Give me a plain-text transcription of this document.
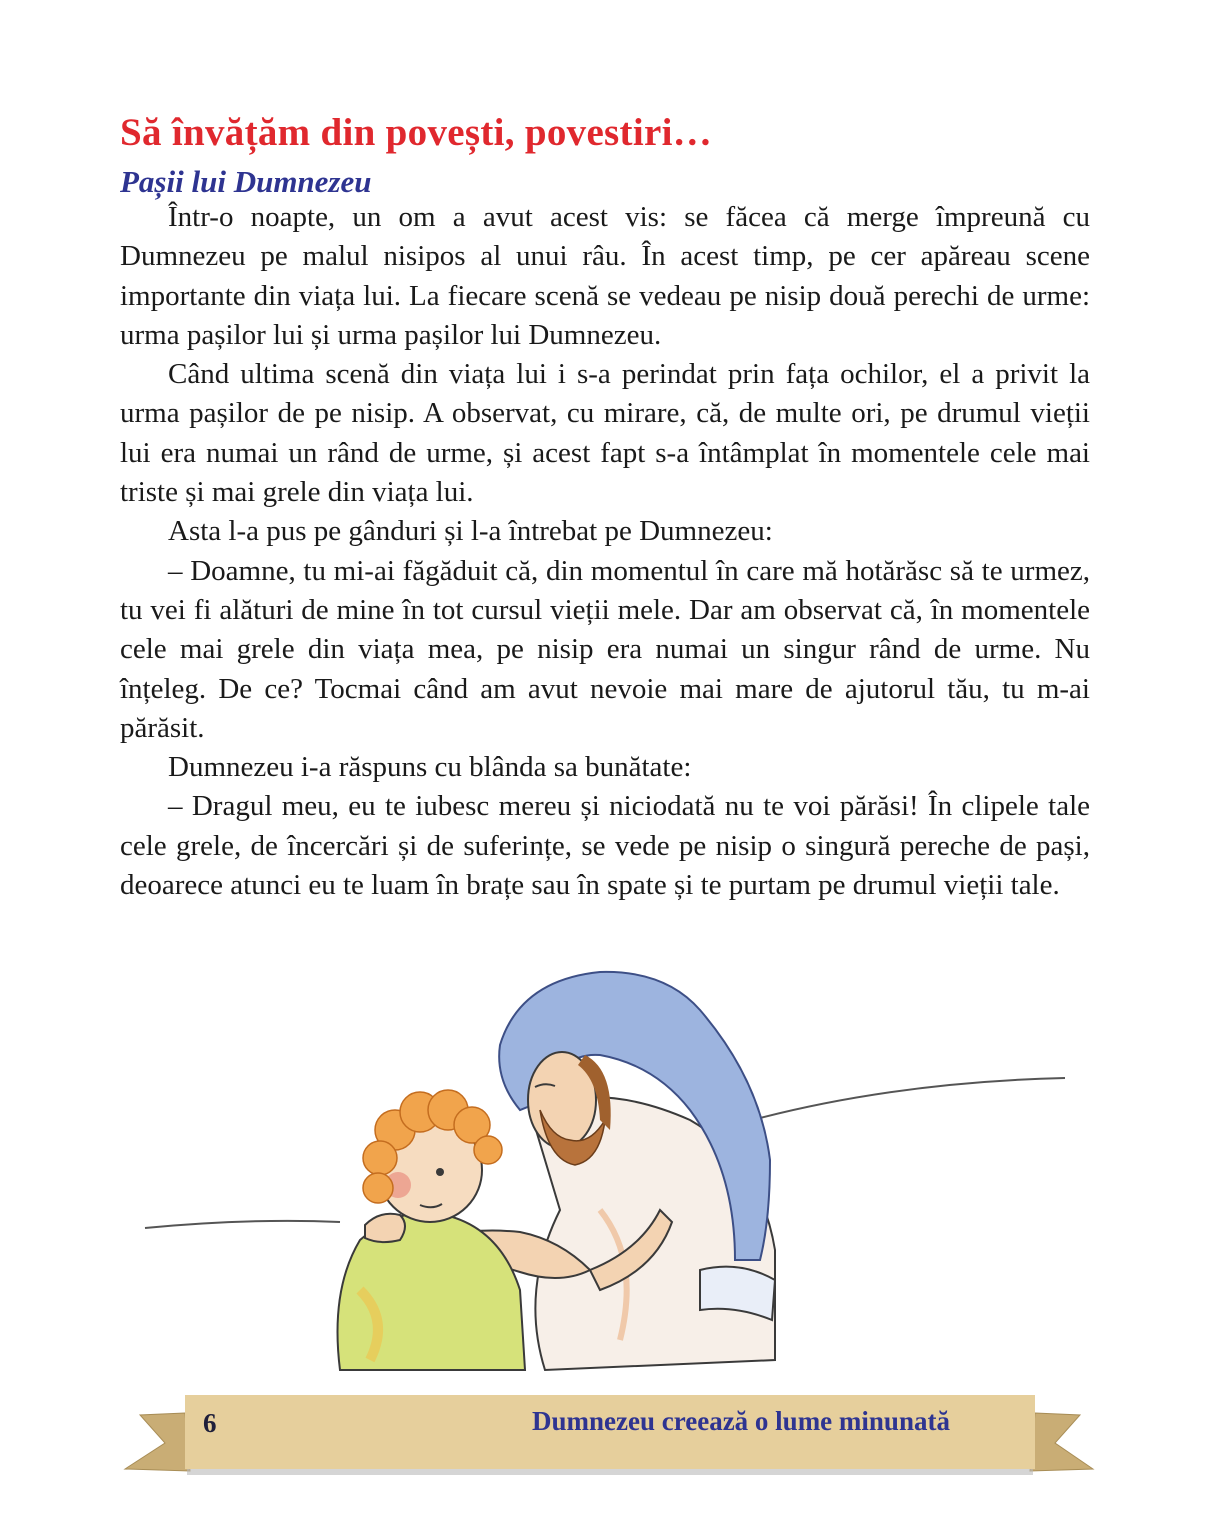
Să învățăm din povești, povestiri…
Pașii lui Dumnezeu

Într-o noapte, un om a avut acest vis: se făcea că merge împreună cu Dumnezeu pe malul nisipos al unui râu. În acest timp, pe cer apăreau scene importante din viața lui. La fiecare scenă se vedeau pe nisip două perechi de urme: urma pașilor lui și urma pașilor lui Dumnezeu.

Când ultima scenă din viața lui i s-a perindat prin fața ochilor, el a privit la urma pașilor de pe nisip. A observat, cu mirare, că, de multe ori, pe drumul vieții lui era numai un rând de urme, și acest fapt s-a întâmplat în momentele cele mai triste și mai grele din viața lui.

Asta l-a pus pe gânduri și l-a întrebat pe Dumnezeu:

– Doamne, tu mi-ai făgăduit că, din momentul în care mă hotărăsc să te urmez, tu vei fi alături de mine în tot cursul vieții mele. Dar am observat că, în momentele cele mai grele din viața mea, pe nisip era numai un singur rând de urme. Nu înțeleg. De ce? Tocmai când am avut nevoie mai mare de ajutorul tău, tu m-ai părăsit.

Dumnezeu i-a răspuns cu blânda sa bunătate:

– Dragul meu, eu te iubesc mereu și niciodată nu te voi părăsi! În clipele tale cele grele, de încercări și de suferințe, se vede pe nisip o singură pereche de pași, deoarece atunci eu te luam în brațe sau în spate și te purtam pe drumul vieții tale.

6	Dumnezeu creează o lume minunată
